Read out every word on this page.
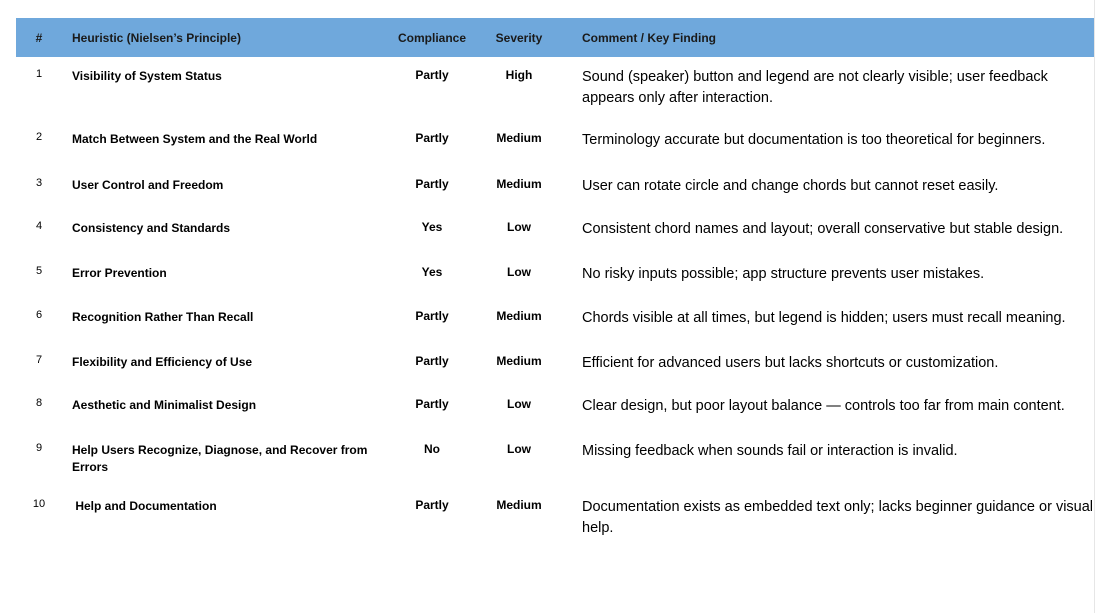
#	Heuristic (Nielsen’s Principle)	Compliance	Severity	Comment / Key Finding
1	Visibility of System Status	Partly	High	Sound (speaker) button and legend are not clearly visible; user feedback appears only after interaction.
2	Match Between System and the Real World	Partly	Medium	Terminology accurate but documentation is too theoretical for beginners.
3	User Control and Freedom	Partly	Medium	User can rotate circle and change chords but cannot reset easily.
4	Consistency and Standards	Yes	Low	Consistent chord names and layout; overall conservative but stable design.
5	Error Prevention	Yes	Low	No risky inputs possible; app structure prevents user mistakes.
6	Recognition Rather Than Recall	Partly	Medium	Chords visible at all times, but legend is hidden; users must recall meaning.
7	Flexibility and Efficiency of Use	Partly	Medium	Efficient for advanced users but lacks shortcuts or customization.
8	Aesthetic and Minimalist Design	Partly	Low	Clear design, but poor layout balance — controls too far from main content.
9	Help Users Recognize, Diagnose, and Recover from Errors	No	Low	Missing feedback when sounds fail or interaction is invalid.
10	Help and Documentation	Partly	Medium	Documentation exists as embedded text only; lacks beginner guidance or visual help.
